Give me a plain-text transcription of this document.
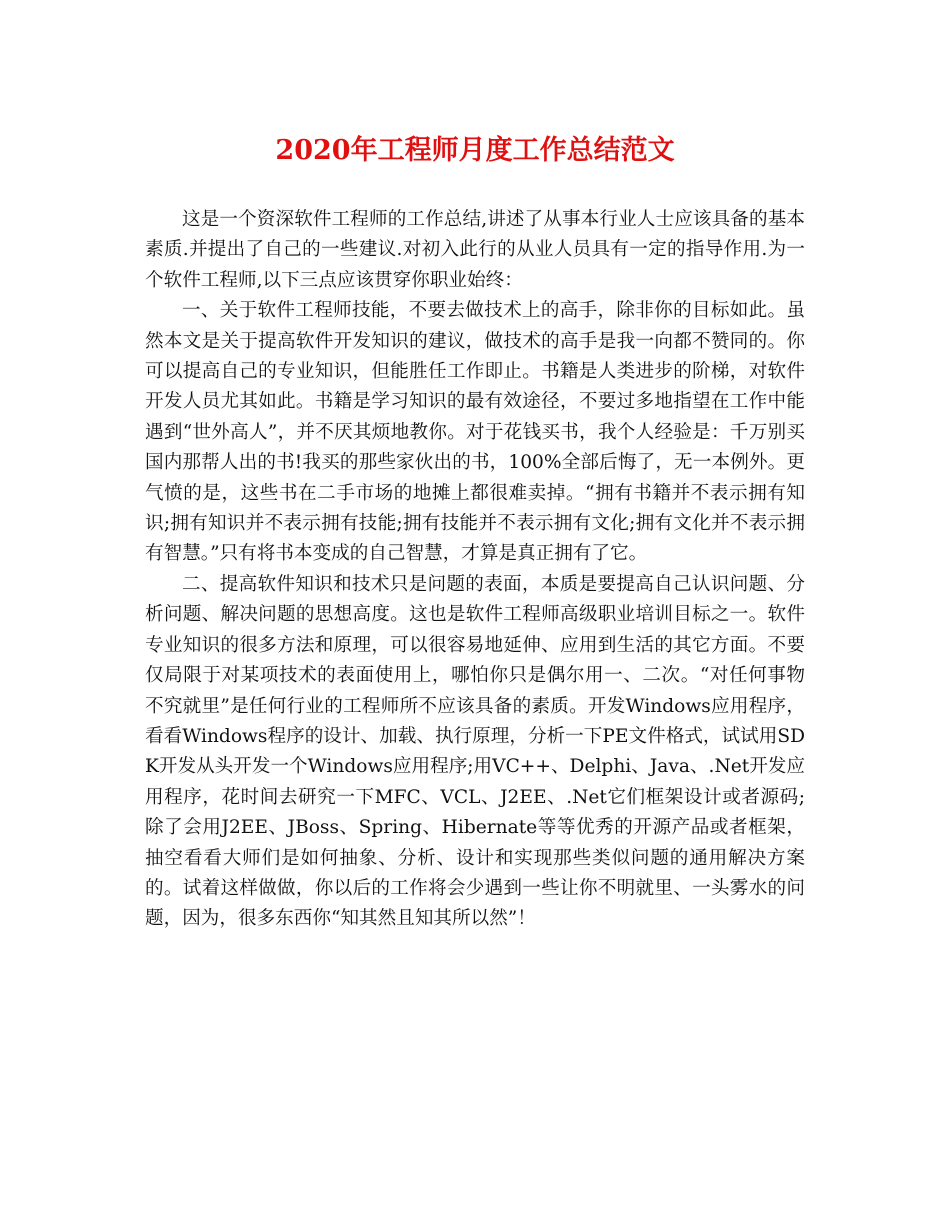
2020年工程师月度工作总结范文

这是一个资深软件工程师的工作总结,讲述了从事本行业人士应该具备的基本素质.并提出了自己的一些建议.对初入此行的从业人员具有一定的指导作用.为一个软件工程师,以下三点应该贯穿你职业始终：

一、关于软件工程师技能，不要去做技术上的高手，除非你的目标如此。虽然本文是关于提高软件开发知识的建议，做技术的高手是我一向都不赞同的。你可以提高自己的专业知识，但能胜任工作即止。书籍是人类进步的阶梯，对软件开发人员尤其如此。书籍是学习知识的最有效途径，不要过多地指望在工作中能遇到“世外高人”，并不厌其烦地教你。对于花钱买书，我个人经验是：千万别买国内那帮人出的书!我买的那些家伙出的书，100%全部后悔了，无一本例外。更气愤的是，这些书在二手市场的地摊上都很难卖掉。“拥有书籍并不表示拥有知识;拥有知识并不表示拥有技能;拥有技能并不表示拥有文化;拥有文化并不表示拥有智慧。”只有将书本变成的自己智慧，才算是真正拥有了它。

二、提高软件知识和技术只是问题的表面，本质是要提高自己认识问题、分析问题、解决问题的思想高度。这也是软件工程师高级职业培训目标之一。软件专业知识的很多方法和原理，可以很容易地延伸、应用到生活的其它方面。不要仅局限于对某项技术的表面使用上，哪怕你只是偶尔用一、二次。“对任何事物不究就里”是任何行业的工程师所不应该具备的素质。开发Windows应用程序，看看Windows程序的设计、加载、执行原理，分析一下PE文件格式，试试用SDK开发从头开发一个Windows应用程序;用VC++、Delphi、Java、.Net开发应用程序，花时间去研究一下MFC、VCL、J2EE、.Net它们框架设计或者源码;除了会用J2EE、JBoss、Spring、Hibernate等等优秀的开源产品或者框架，抽空看看大师们是如何抽象、分析、设计和实现那些类似问题的通用解决方案的。试着这样做做，你以后的工作将会少遇到一些让你不明就里、一头雾水的问题，因为，很多东西你“知其然且知其所以然”！
